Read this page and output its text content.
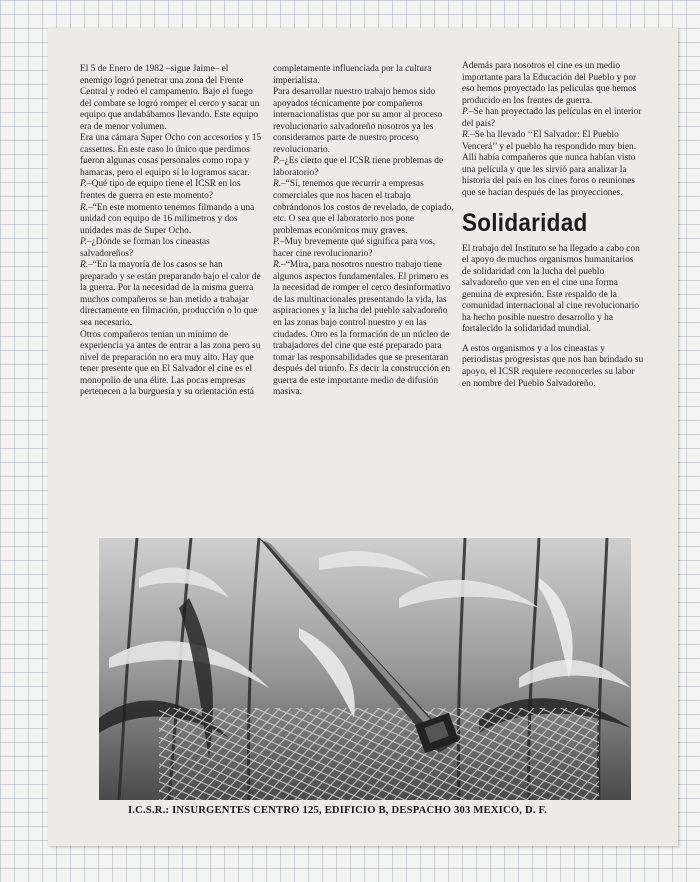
El 5 de Enero de 1982 –sigue Jaime– el enemigo logró penetrar una zona del Frente Central y rodeó el campamento. Bajo el fuego del combate se logró romper el cerco y sacar un equipo que andabábamos llevando. Este equipo era de menor volumen.

Era una cámara Super Ocho con accesorios y 15 cassettes. En este caso lo único que perdimos fueron algunas cosas personales como ropa y hamacas, pero el equipo sí lo logramos sacar.

P.–Qué tipo de equipo tiene el ICSR en los frentes de guerra en este momento?

R.–“En este momento tenemos filmando a una unidad con equipo de 16 milímetros y dos unidades mas de Super Ocho.

P.–¿Dónde se forman los cineastas salvadoreños?

R.–“En la mayoría de los casos se han preparado y se están preparando bajo el calor de la guerra. Por la necesidad de la misma guerra muchos compañeros se han metido a trabajar directamente en filmación, producción o lo que sea necesario.

Otros compañeros tenían un mínimo de experiencia ya antes de entrar a las zona pero su nivel de preparación no era muy alto. Hay que tener presente que en El Salvador el cine es el monopolio de una élite. Las pocas empresas pertenecen a la burguesía y su orientación está

completamente influenciada por la cultura imperialista.

Para desarrollar nuestro trabajo hemos sido apoyados técnicamente por compañeros internacionalistas que por su amor al proceso revolucionario salvadoreño nosotros ya les consideramos parte de nuestro proceso revolucionario.

P.–¿Es cierto que el ICSR tiene problemas de laboratorio?

R.–“Sí, tenemos que recurrir a empresas comerciales que nos hacen el trabajo cobrándonos los costos de revelado, de copiado, etc. O sea que el laboratorio nos pone problemas económicos muy graves.

P.–Muy brevemente qué significa para vos, hacer cine revolucionario?

R.–“Mira, para nosotros nuestro trabajo tiene algunos aspectos fundamentales. El primero es la necesidad de romper el cerco desinformativo de las multinacionales presentando la vida, las aspiraciones y la lucha del pueblo salvadoreño en las zonas bajo control nuestro y en las ciudades. Otro es la formación de un núcleo de trabajadores del cine que esté preparado para tomar las responsabilidades que se presentaran después del triunfo. Es decir la construcción en guerra de este importante medio de difusión masiva.

Además para nosotros el cine es un medio importante para la Educación del Pueblo y por eso hemos proyectado las películas que hemos producido en los frentes de guerra.

P.–Se han proyectado las películas en el interior del país?

R.–Se ha llevado ‘‘El Salvador: El Pueblo Vencerá’’ y el pueblo ha respondido muy bien.

Allí había compañeros que nunca habían visto una película y que les sirvió para analizar la historia del país en los cines foros o reuniones que se hacían después de las proyecciones.

Solidaridad

El trabajo del Instituto se ha llegado a cabo con el apoyo de muchos organismos humanitarios de solidaridad con la lucha del pueblo salvadoreño que ven en el cine una forma genuina de expresión. Este respaldo de la comunidad internacional al cine revolucionario ha hecho posible nuestro desarrollo y ha fortalecido la solidaridad mundial.

A estos organismos y a los cineastas y periodistas progresistas que nos han brindado su apoyo, el ICSR requiere reconocerles su labor en nombre del Pueblo Salvadoreño.

I.C.S.R.: INSURGENTES CENTRO 125, EDIFICIO B, DESPACHO 303 MEXICO, D. F.
